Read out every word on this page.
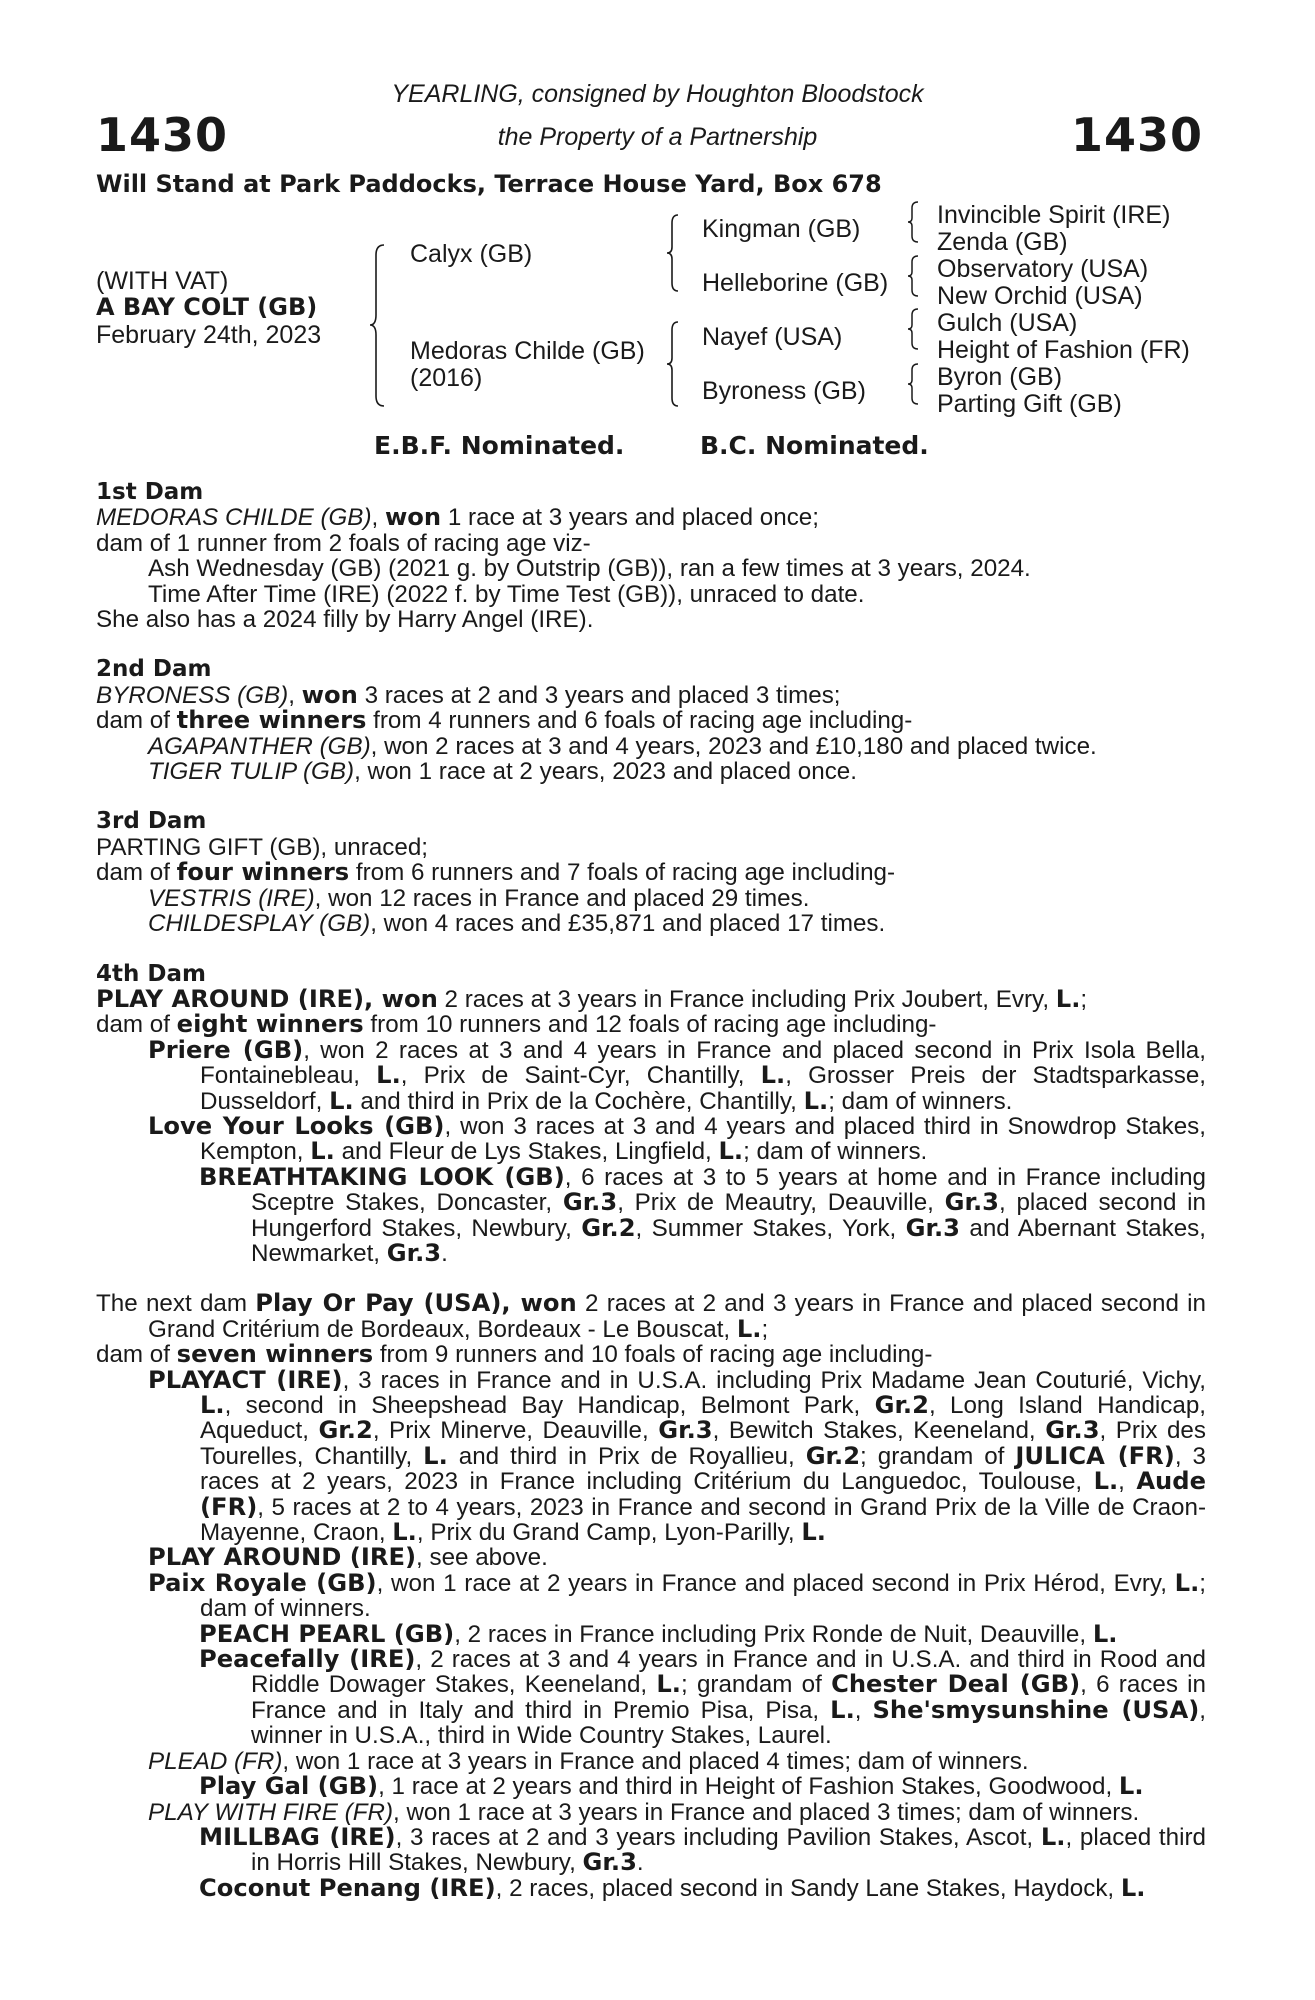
1430	1430
YEARLING, consigned by Houghton Bloodstock
the Property of a Partnership
Will Stand at Park Paddocks, Terrace House Yard, Box 678
(WITH VAT)
A BAY COLT (GB)
February 24th, 2023
Calyx (GB)
Medoras Childe (GB)
(2016)
Kingman (GB)
Helleborine (GB)
Nayef (USA)
Byroness (GB)
Invincible Spirit (IRE)
Zenda (GB)
Observatory (USA)
New Orchid (USA)
Gulch (USA)
Height of Fashion (FR)
Byron (GB)
Parting Gift (GB)
E.B.F. Nominated.	B.C. Nominated.
1st Dam
MEDORAS CHILDE (GB), won 1 race at 3 years and placed once;
dam of 1 runner from 2 foals of racing age viz-
Ash Wednesday (GB) (2021 g. by Outstrip (GB)), ran a few times at 3 years, 2024.
Time After Time (IRE) (2022 f. by Time Test (GB)), unraced to date.
She also has a 2024 filly by Harry Angel (IRE).
2nd Dam
BYRONESS (GB), won 3 races at 2 and 3 years and placed 3 times;
dam of three winners from 4 runners and 6 foals of racing age including-
AGAPANTHER (GB), won 2 races at 3 and 4 years, 2023 and £10,180 and placed twice.
TIGER TULIP (GB), won 1 race at 2 years, 2023 and placed once.
3rd Dam
PARTING GIFT (GB), unraced;
dam of four winners from 6 runners and 7 foals of racing age including-
VESTRIS (IRE), won 12 races in France and placed 29 times.
CHILDESPLAY (GB), won 4 races and £35,871 and placed 17 times.
4th Dam
PLAY AROUND (IRE), won 2 races at 3 years in France including Prix Joubert, Evry, L.;
dam of eight winners from 10 runners and 12 foals of racing age including-
Priere (GB), won 2 races at 3 and 4 years in France and placed second in Prix Isola Bella, Fontainebleau, L., Prix de Saint-Cyr, Chantilly, L., Grosser Preis der Stadtsparkasse, Dusseldorf, L. and third in Prix de la Cochère, Chantilly, L.; dam of winners.
Love Your Looks (GB), won 3 races at 3 and 4 years and placed third in Snowdrop Stakes, Kempton, L. and Fleur de Lys Stakes, Lingfield, L.; dam of winners.
BREATHTAKING LOOK (GB), 6 races at 3 to 5 years at home and in France including Sceptre Stakes, Doncaster, Gr.3, Prix de Meautry, Deauville, Gr.3, placed second in Hungerford Stakes, Newbury, Gr.2, Summer Stakes, York, Gr.3 and Abernant Stakes, Newmarket, Gr.3.
The next dam Play Or Pay (USA), won 2 races at 2 and 3 years in France and placed second in Grand Critérium de Bordeaux, Bordeaux - Le Bouscat, L.;
dam of seven winners from 9 runners and 10 foals of racing age including-
PLAYACT (IRE), 3 races in France and in U.S.A. including Prix Madame Jean Couturié, Vichy, L., second in Sheepshead Bay Handicap, Belmont Park, Gr.2, Long Island Handicap, Aqueduct, Gr.2, Prix Minerve, Deauville, Gr.3, Bewitch Stakes, Keeneland, Gr.3, Prix des Tourelles, Chantilly, L. and third in Prix de Royallieu, Gr.2; grandam of JULICA (FR), 3 races at 2 years, 2023 in France including Critérium du Languedoc, Toulouse, L., Aude (FR), 5 races at 2 to 4 years, 2023 in France and second in Grand Prix de la Ville de Craon-Mayenne, Craon, L., Prix du Grand Camp, Lyon-Parilly, L.
PLAY AROUND (IRE), see above.
Paix Royale (GB), won 1 race at 2 years in France and placed second in Prix Hérod, Evry, L.; dam of winners.
PEACH PEARL (GB), 2 races in France including Prix Ronde de Nuit, Deauville, L.
Peacefally (IRE), 2 races at 3 and 4 years in France and in U.S.A. and third in Rood and Riddle Dowager Stakes, Keeneland, L.; grandam of Chester Deal (GB), 6 races in France and in Italy and third in Premio Pisa, Pisa, L., She'smysunshine (USA), winner in U.S.A., third in Wide Country Stakes, Laurel.
PLEAD (FR), won 1 race at 3 years in France and placed 4 times; dam of winners.
Play Gal (GB), 1 race at 2 years and third in Height of Fashion Stakes, Goodwood, L.
PLAY WITH FIRE (FR), won 1 race at 3 years in France and placed 3 times; dam of winners.
MILLBAG (IRE), 3 races at 2 and 3 years including Pavilion Stakes, Ascot, L., placed third in Horris Hill Stakes, Newbury, Gr.3.
Coconut Penang (IRE), 2 races, placed second in Sandy Lane Stakes, Haydock, L.
